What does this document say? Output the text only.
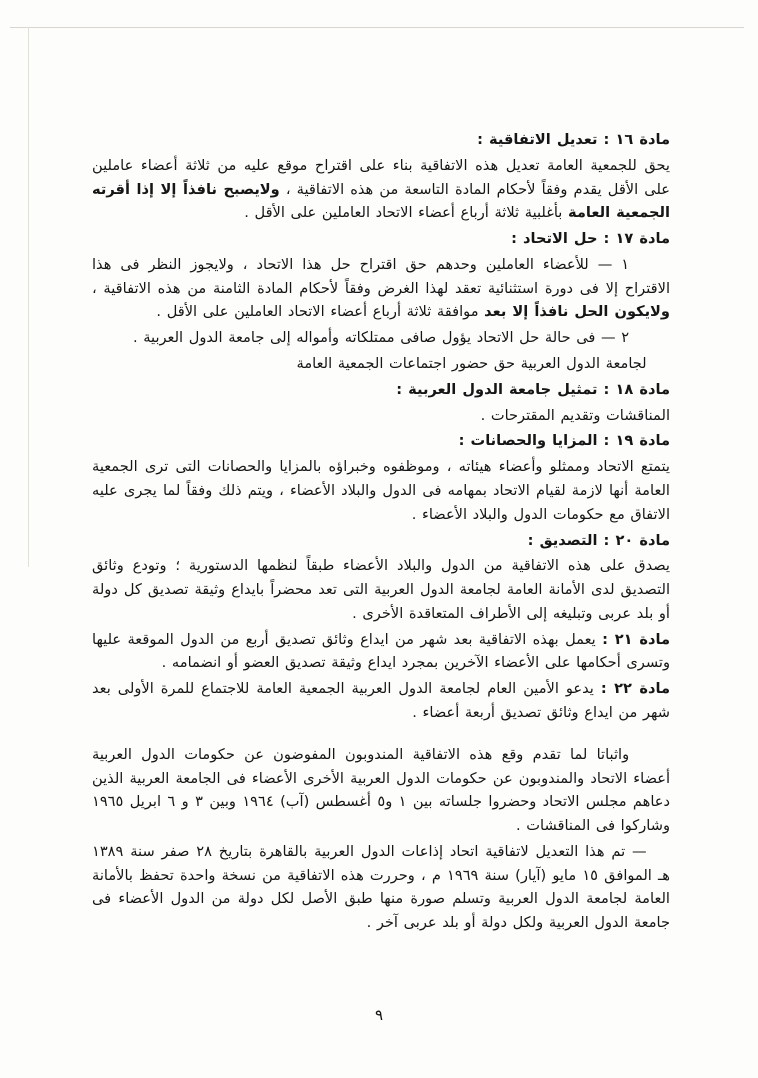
مادة ١٦ : تعديل الاتفاقية :

يحق للجمعية العامة تعديل هذه الاتفاقية بناء على اقتراح موقع عليه من ثلاثة أعضاء عاملين على الأقل يقدم وفقاً لأحكام المادة التاسعة من هذه الاتفاقية ، ولايصبح نافذاً إلا إذا أقرته الجمعية العامة بأغلبية ثلاثة أرباع أعضاء الاتحاد العاملين على الأقل .

مادة ١٧ : حل الاتحاد :

١ — للأعضاء العاملين وحدهم حق اقتراح حل هذا الاتحاد ، ولايجوز النظر فى هذا الاقتراح إلا فى دورة استثنائية تعقد لهذا الغرض وفقاً لأحكام المادة الثامنة من هذه الاتفاقية ، ولايكون الحل نافذاً إلا بعد موافقة ثلاثة أرباع أعضاء الاتحاد العاملين على الأقل .

٢ — فى حالة حل الاتحاد يؤول صافى ممتلكاته وأمواله إلى جامعة الدول العربية .

لجامعة الدول العربية حق حضور اجتماعات الجمعية العامة

مادة ١٨ : تمثيل جامعة الدول العربية :

المناقشات وتقديم المقترحات .

مادة ١٩ : المزايا والحصانات :

يتمتع الاتحاد وممثلو وأعضاء هيئاته ، وموظفوه وخبراؤه بالمزايا والحصانات التى ترى الجمعية العامة أنها لازمة لقيام الاتحاد بمهامه فى الدول والبلاد الأعضاء ، ويتم ذلك وفقاً لما يجرى عليه الاتفاق مع حكومات الدول والبلاد الأعضاء .

مادة ٢٠ : التصديق :

يصدق على هذه الاتفاقية من الدول والبلاد الأعضاء طبقاً لنظمها الدستورية ؛ وتودع وثائق التصديق لدى الأمانة العامة لجامعة الدول العربية التى تعد محضراً بايداع وثيقة تصديق كل دولة أو بلد عربى وتبليغه إلى الأطراف المتعاقدة الأخرى .

مادة ٢١ : يعمل بهذه الاتفاقية بعد شهر من ايداع وثائق تصديق أربع من الدول الموقعة عليها وتسرى أحكامها على الأعضاء الآخرين بمجرد ايداع وثيقة تصديق العضو أو انضمامه .

مادة ٢٢ : يدعو الأمين العام لجامعة الدول العربية الجمعية العامة للاجتماع للمرة الأولى بعد شهر من ايداع وثائق تصديق أربعة أعضاء .

واثباتا لما تقدم وقع هذه الاتفاقية المندوبون المفوضون عن حكومات الدول العربية أعضاء الاتحاد والمندوبون عن حكومات الدول العربية الأخرى الأعضاء فى الجامعة العربية الذين دعاهم مجلس الاتحاد وحضروا جلساته بين ١ و٥ أغسطس (آب) ١٩٦٤ وبين ٣ و ٦ ابريل ١٩٦٥ وشاركوا فى المناقشات .

— تم هذا التعديل لاتفاقية اتحاد إذاعات الدول العربية بالقاهرة بتاريخ ٢٨ صفر سنة ١٣٨٩ هـ الموافق ١٥ مايو (آيار) سنة ١٩٦٩ م ، وحررت هذه الاتفاقية من نسخة واحدة تحفظ بالأمانة العامة لجامعة الدول العربية وتسلم صورة منها طبق الأصل لكل دولة من الدول الأعضاء فى جامعة الدول العربية ولكل دولة أو بلد عربى آخر .

٩
